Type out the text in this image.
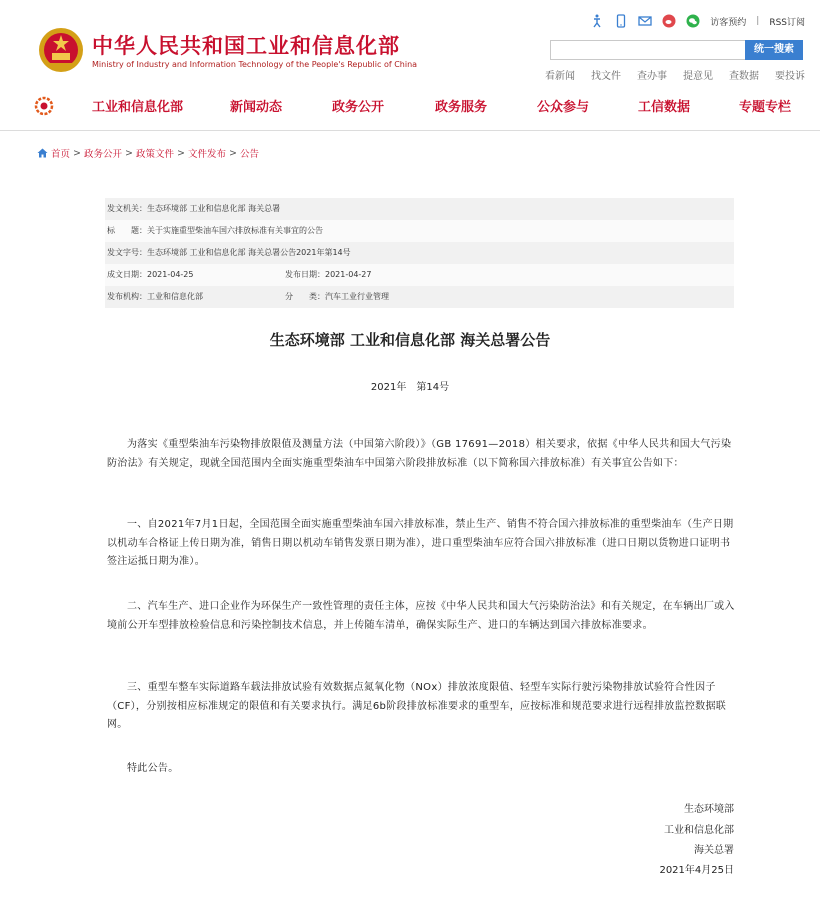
中华人民共和国工业和信息化部
Ministry of Industry and Information Technology of the People's Republic of China
访客预约 | RSS订阅
统一搜索
看新闻 找文件 查办事 提意见 查数据 要投诉
工业和信息化部	新闻动态	政务公开	政务服务	公众参与	工信数据	专题专栏
首页 > 政务公开 > 政策文件 > 文件发布 > 公告
发文机关：生态环境部 工业和信息化部 海关总署
标　　题：关于实施重型柴油车国六排放标准有关事宜的公告
发文字号：生态环境部 工业和信息化部 海关总署公告2021年第14号
成文日期：2021-04-25	发布日期：2021-04-27
发布机构：工业和信息化部	分　　类：汽车工业行业管理
生态环境部 工业和信息化部 海关总署公告
2021年　第14号
为落实《重型柴油车污染物排放限值及测量方法（中国第六阶段）》（GB 17691—2018）相关要求，依据《中华人民共和国大气污染防治法》有关规定，现就全国范围内全面实施重型柴油车中国第六阶段排放标准（以下简称国六排放标准）有关事宜公告如下：
一、自2021年7月1日起，全国范围全面实施重型柴油车国六排放标准，禁止生产、销售不符合国六排放标准的重型柴油车（生产日期以机动车合格证上传日期为准，销售日期以机动车销售发票日期为准），进口重型柴油车应符合国六排放标准（进口日期以货物进口证明书签注运抵日期为准）。
二、汽车生产、进口企业作为环保生产一致性管理的责任主体，应按《中华人民共和国大气污染防治法》和有关规定，在车辆出厂或入境前公开车型排放检验信息和污染控制技术信息，并上传随车清单，确保实际生产、进口的车辆达到国六排放标准要求。
三、重型车整车实际道路车载法排放试验有效数据点氮氧化物（NOx）排放浓度限值、轻型车实际行驶污染物排放试验符合性因子（CF），分别按相应标准规定的限值和有关要求执行。满足6b阶段排放标准要求的重型车，应按标准和规范要求进行远程排放监控数据联网。
特此公告。
生态环境部
工业和信息化部
海关总署
2021年4月25日
